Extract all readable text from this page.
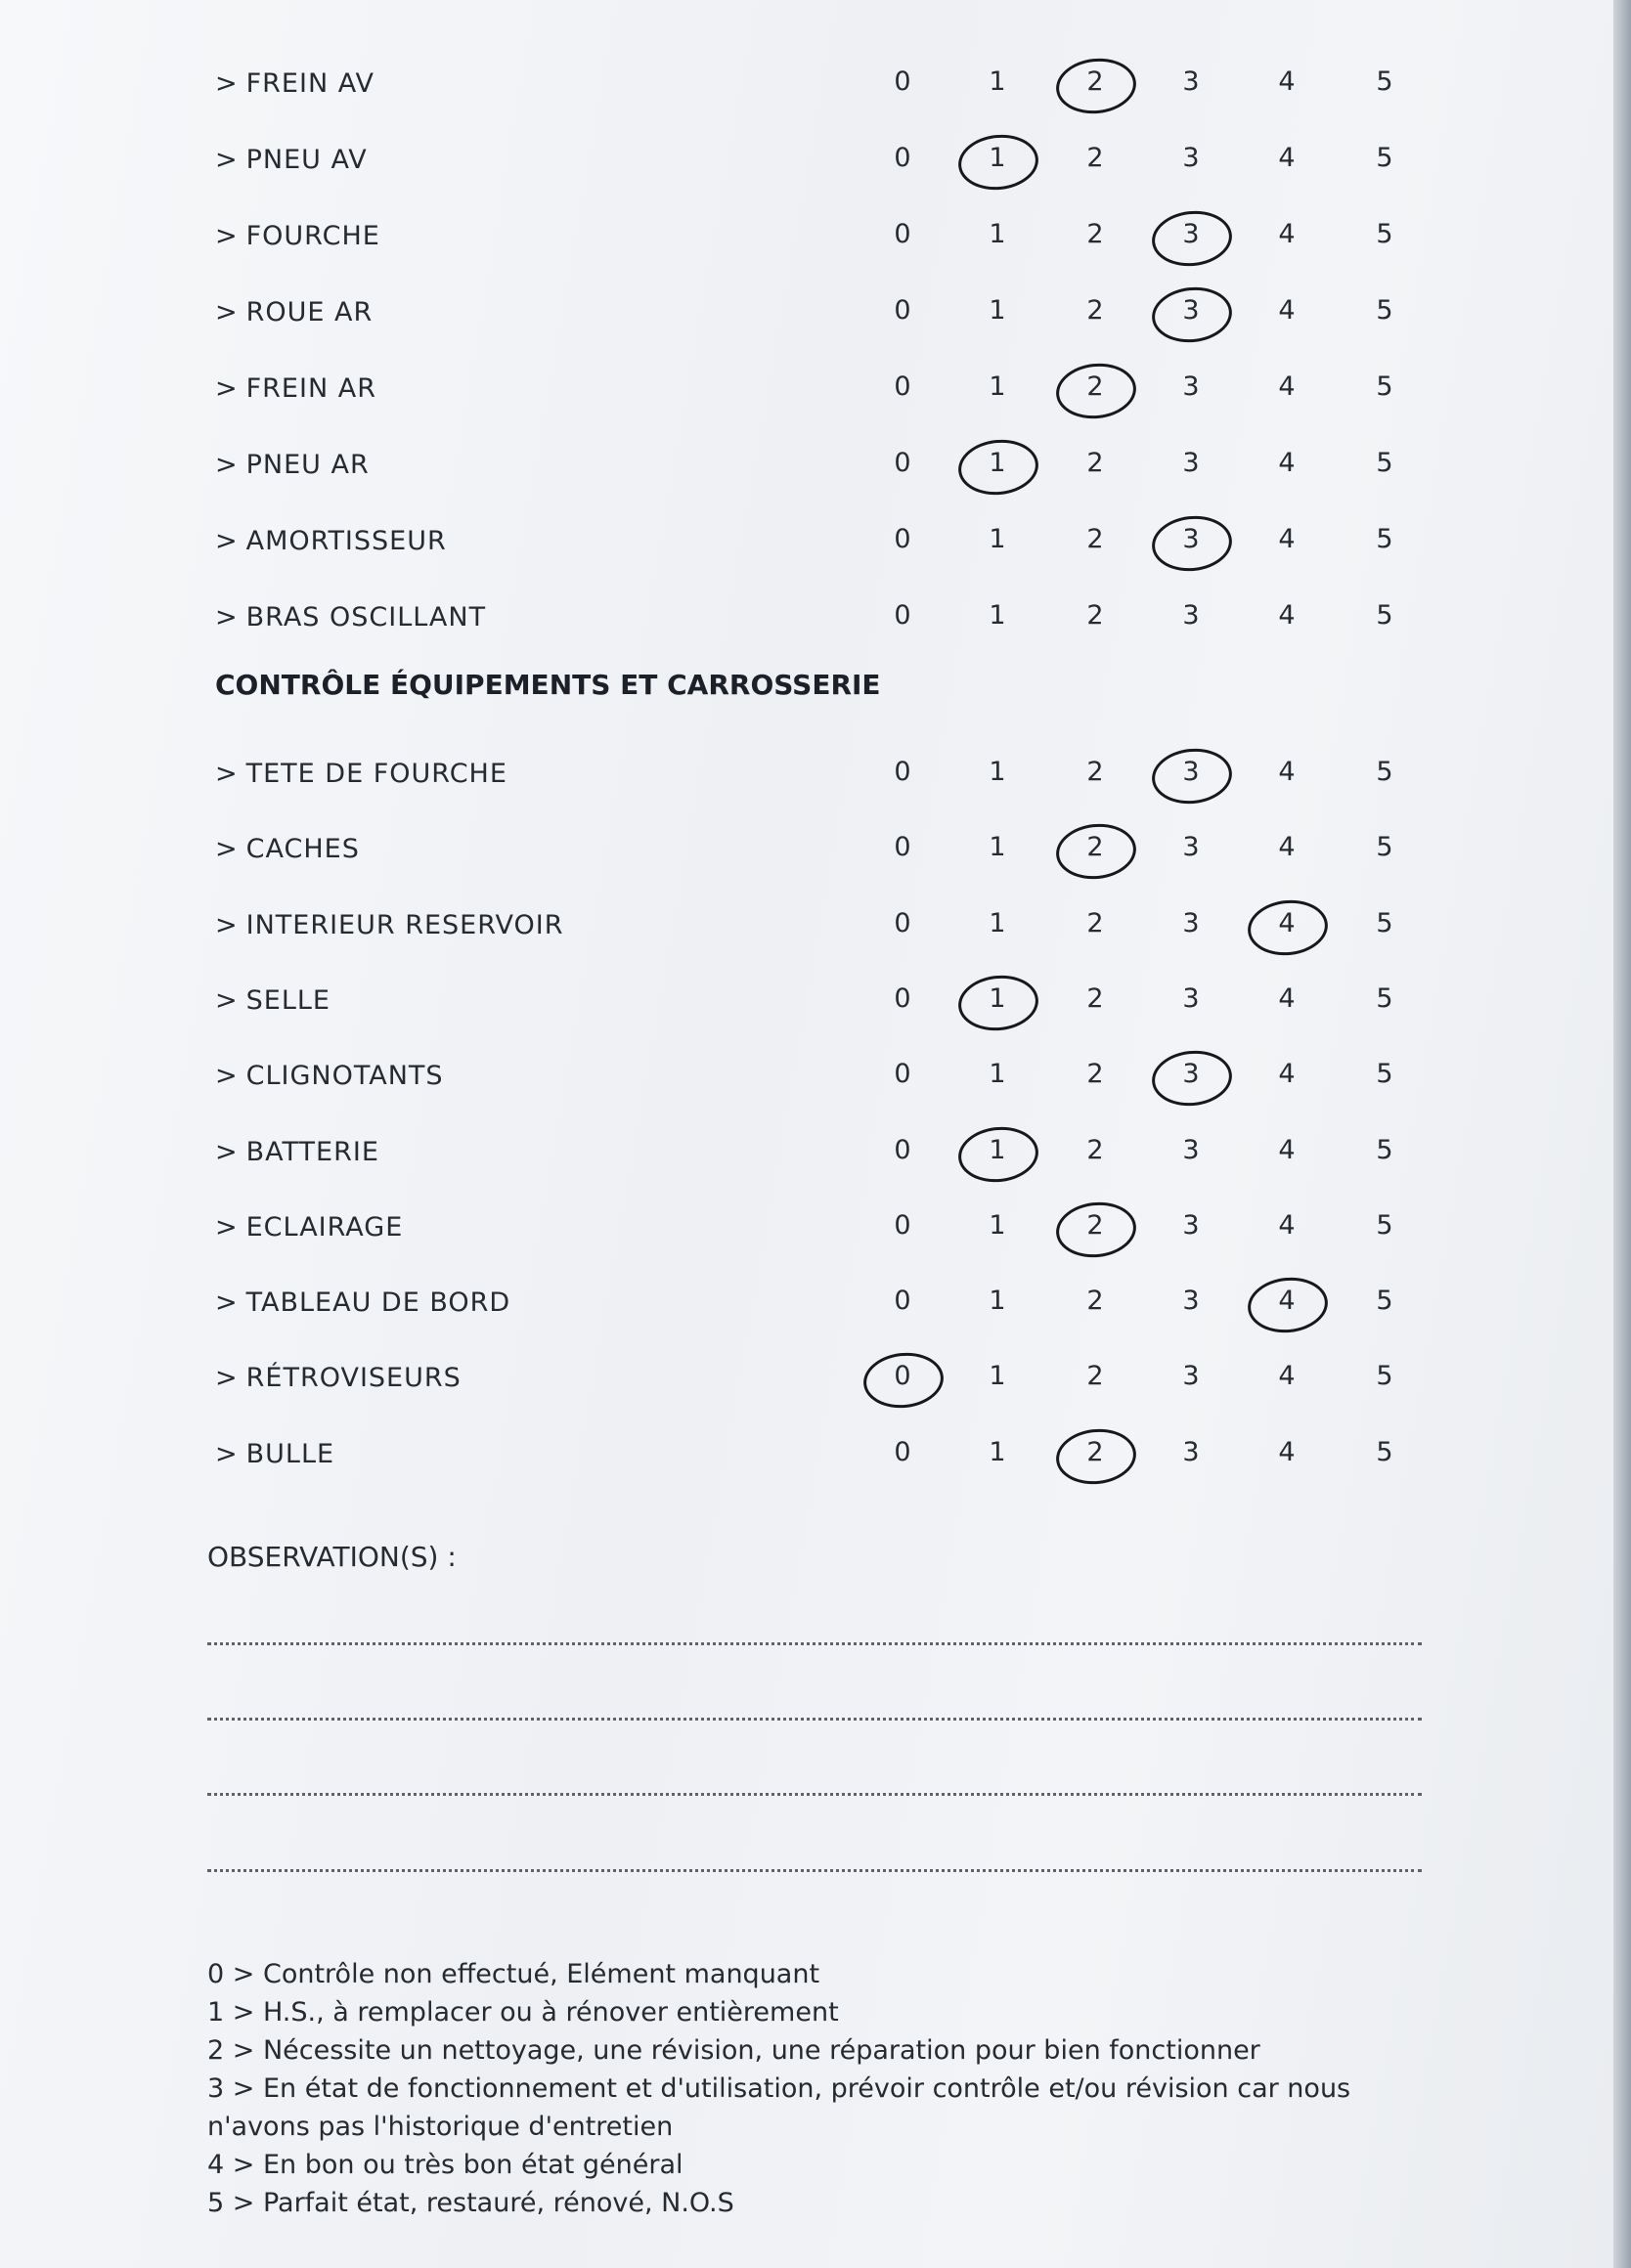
> FREIN AV	0	1	2	3	4	5
> PNEU AV	0	1	2	3	4	5
> FOURCHE	0	1	2	3	4	5
> ROUE AR	0	1	2	3	4	5
> FREIN AR	0	1	2	3	4	5
> PNEU AR	0	1	2	3	4	5
> AMORTISSEUR	0	1	2	3	4	5
> BRAS OSCILLANT	0	1	2	3	4	5
CONTRÔLE ÉQUIPEMENTS ET CARROSSERIE
> TETE DE FOURCHE	0	1	2	3	4	5
> CACHES	0	1	2	3	4	5
> INTERIEUR RESERVOIR	0	1	2	3	4	5
> SELLE	0	1	2	3	4	5
> CLIGNOTANTS	0	1	2	3	4	5
> BATTERIE	0	1	2	3	4	5
> ECLAIRAGE	0	1	2	3	4	5
> TABLEAU DE BORD	0	1	2	3	4	5
> RÉTROVISEURS	0	1	2	3	4	5
> BULLE	0	1	2	3	4	5
OBSERVATION(S) :
0 > Contrôle non effectué, Elément manquant
1 > H.S., à remplacer ou à rénover entièrement
2 > Nécessite un nettoyage, une révision, une réparation pour bien fonctionner
3 > En état de fonctionnement et d'utilisation, prévoir contrôle et/ou révision car nous n'avons pas l'historique d'entretien
4 > En bon ou très bon état général
5 > Parfait état, restauré, rénové, N.O.S
